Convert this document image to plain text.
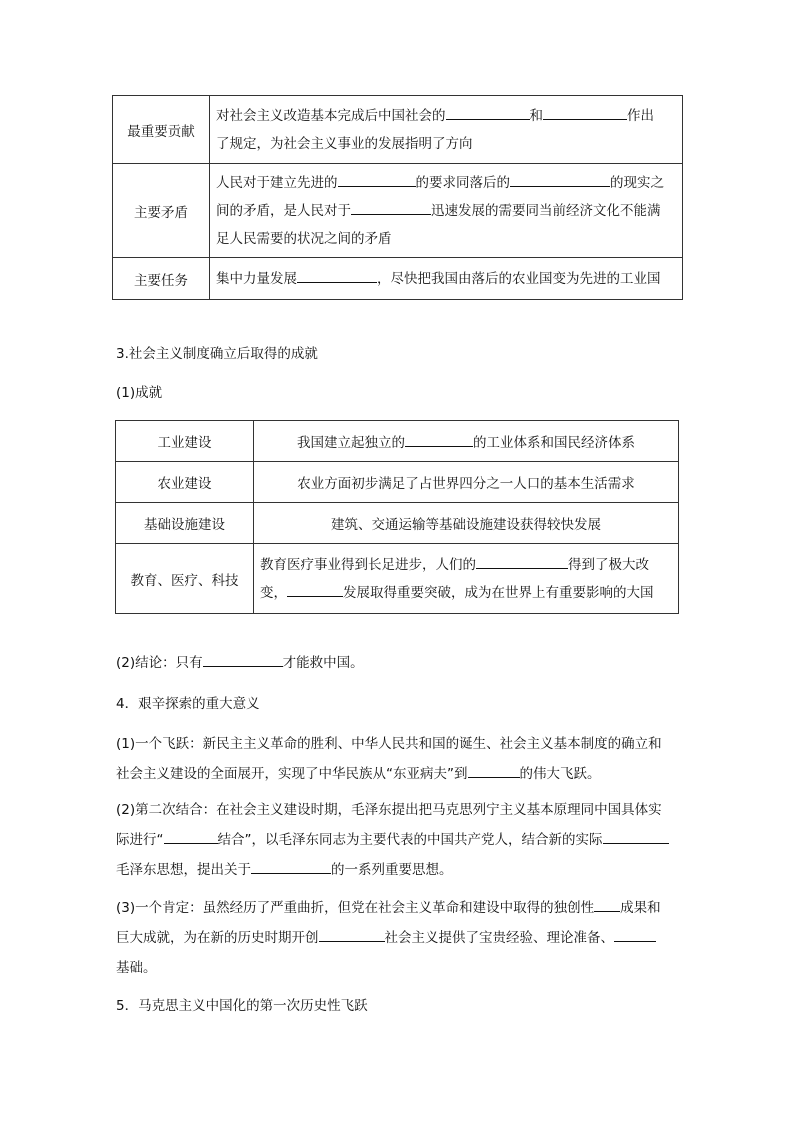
最重要贡献	对社会主义改造基本完成后中国社会的 和 作出
了规定，为社会主义事业的发展指明了方向

主要矛盾	人民对于建立先进的 的要求同落后的 的现实之
间的矛盾，是人民对于 迅速发展的需要同当前经济文化不能满
足人民需要的状况之间的矛盾

主要任务	集中力量发展 ，尽快把我国由落后的农业国变为先进的工业国
3.社会主义制度确立后取得的成就
(1)成就
工业建设	我国建立起独立的 的工业体系和国民经济体系
农业建设	农业方面初步满足了占世界四分之一人口的基本生活需求
基础设施建设	建筑、交通运输等基础设施建设获得较快发展
教育、医疗、科技	教育医疗事业得到长足进步，人们的 得到了极大改
变， 发展取得重要突破，成为在世界上有重要影响的大国
(2)结论：只有	才能救中国。
4．艰辛探索的重大意义
(1)一个飞跃：新民主主义革命的胜利、中华人民共和国的诞生、社会主义基本制度的确立和
社会主义建设的全面展开，实现了中华民族从“东亚病夫”到	的伟大飞跃。
(2)第二次结合：在社会主义建设时期，毛泽东提出把马克思列宁主义基本原理同中国具体实
际进行“	结合”，以毛泽东同志为主要代表的中国共产党人，结合新的实际
毛泽东思想，提出关于	的一系列重要思想。
(3)一个肯定：虽然经历了严重曲折，但党在社会主义革命和建设中取得的独创性 成果和
巨大成就，为在新的历史时期开创	社会主义提供了宝贵经验、理论准备、
基础。
5．马克思主义中国化的第一次历史性飞跃
